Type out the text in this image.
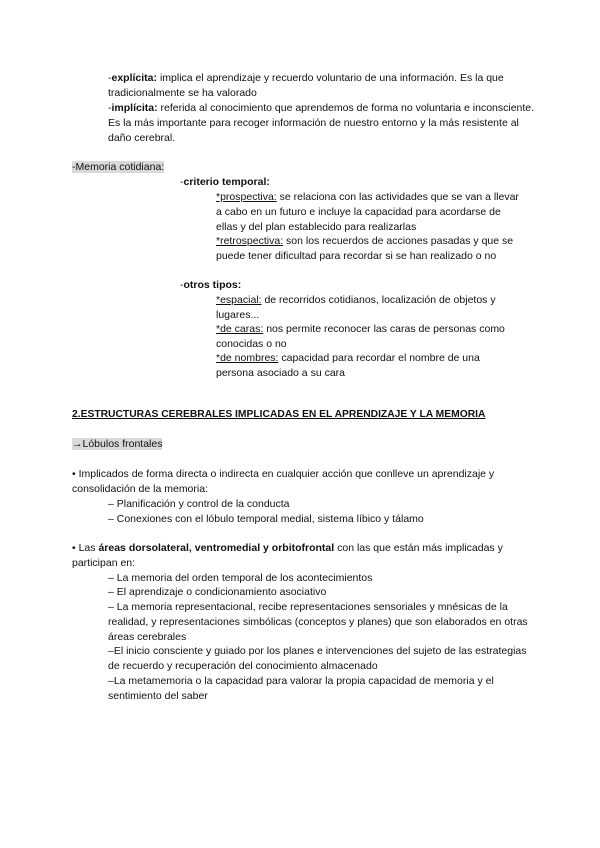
-explícita: implica el aprendizaje y recuerdo voluntario de una información. Es la que tradicionalmente se ha valorado
-implícita: referida al conocimiento que aprendemos de forma no voluntaria e inconsciente. Es la más importante para recoger información de nuestro entorno y la más resistente al daño cerebral.
-Memoria cotidiana:
-criterio temporal:
*prospectiva: se relaciona con las actividades que se van a llevar a cabo en un futuro e incluye la capacidad para acordarse de ellas y del plan establecido para realizarlas
*retrospectiva: son los recuerdos de acciones pasadas y que se puede tener dificultad para recordar si se han realizado o no
-otros tipos:
*espacial: de recorridos cotidianos, localización de objetos y lugares...
*de caras: nos permite reconocer las caras de personas como conocidas o no
*de nombres: capacidad para recordar el nombre de una persona asociado a su cara
2.ESTRUCTURAS CEREBRALES IMPLICADAS EN EL APRENDIZAJE Y LA MEMORIA
→Lóbulos frontales
• Implicados de forma directa o indirecta en cualquier acción que conlleve un aprendizaje y consolidación de la memoria:
– Planificación y control de la conducta
– Conexiones con el lóbulo temporal medial, sistema líbico y tálamo
• Las áreas dorsolateral, ventromedial y orbitofrontal con las que están más implicadas y participan en:
– La memoria del orden temporal de los acontecimientos
– El aprendizaje o condicionamiento asociativo
– La memoria representacional, recibe representaciones sensoriales y mnésicas de la realidad, y representaciones simbólicas (conceptos y planes) que son elaborados en otras áreas cerebrales
–El inicio consciente y guiado por los planes e intervenciones del sujeto de las estrategias de recuerdo y recuperación del conocimiento almacenado
–La metamemoria o la capacidad para valorar la propia capacidad de memoria y el sentimiento del saber
